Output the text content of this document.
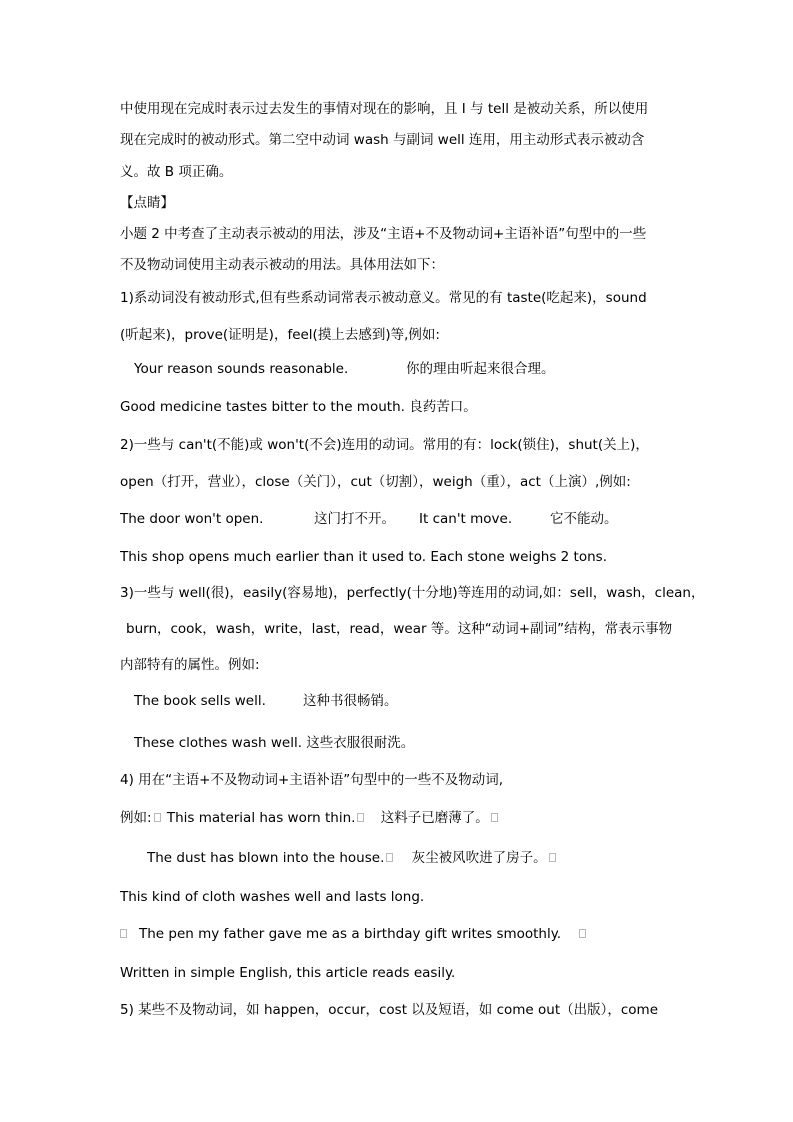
中使用现在完成时表示过去发生的事情对现在的影响，且 I 与 tell 是被动关系，所以使用
现在完成时的被动形式。第二空中动词 wash 与副词 well 连用，用主动形式表示被动含
义。故 B 项正确。
【点睛】
小题 2 中考查了主动表示被动的用法，涉及“主语+不及物动词+主语补语”句型中的一些
不及物动词使用主动表示被动的用法。具体用法如下：
1)系动词没有被动形式,但有些系动词常表示被动意义。常见的有 taste(吃起来)，sound
(听起来)，prove(证明是)，feel(摸上去感到)等,例如:
Your reason sounds reasonable.	你的理由听起来很合理。
Good medicine tastes bitter to the mouth. 良药苦口。
2)一些与 can't(不能)或 won't(不会)连用的动词。常用的有：lock(锁住)，shut(关上)，
open（打开，营业），close（关门），cut（切割），weigh（重），act（上演）,例如:
The door won't open.	这门打不开。 It can't move.	它不能动。
This shop opens much earlier than it used to. Each stone weighs 2 tons.
3)一些与 well(很)，easily(容易地)，perfectly(十分地)等连用的动词,如：sell，wash，clean，
burn，cook，wash，write，last，read，wear 等。这种“动词+副词”结构，常表示事物
内部特有的属性。例如:
The book sells well.	这种书很畅销。
These clothes wash well. 这些衣服很耐洗。
4) 用在“主语+不及物动词+主语补语”句型中的一些不及物动词,
例如: This material has worn thin. 这料子已磨薄了。
The dust has blown into the house. 灰尘被风吹进了房子。
This kind of cloth washes well and lasts long.
The pen my father gave me as a birthday gift writes smoothly.
Written in simple English, this article reads easily.
5) 某些不及物动词，如 happen，occur，cost 以及短语，如 come out（出版），come
